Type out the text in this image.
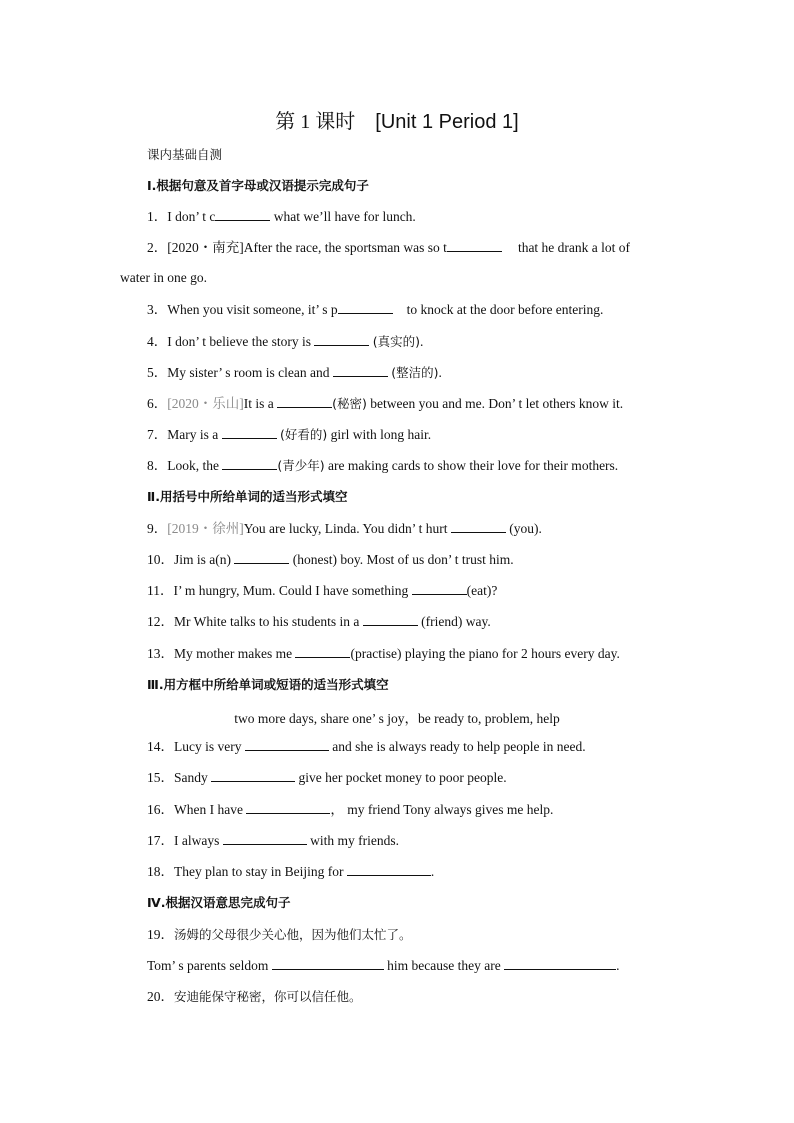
第 1 课时 [Unit 1 Period 1]
课内基础自测
Ⅰ.根据句意及首字母或汉语提示完成句子
1．I don’ t c	what we’ll have for lunch.
2．[2020・南充]After the race, the sportsman was so t	that he drank a lot of
water in one go.
3．When you visit someone, it’ s p	to knock at the door before entering.
4．I don’ t believe the story is	(真实的).
5．My sister’ s room is clean and	(整洁的).
6．[2020・乐山]It is a	(秘密) between you and me. Don’ t let others know it.
7．Mary is a	(好看的) girl with long hair.
8．Look, the	(青少年) are making cards to show their love for their mothers.
Ⅱ.用括号中所给单词的适当形式填空
9．[2019・徐州]You are lucky, Linda. You didn’ t hurt	(you).
10．Jim is a(n)	(honest) boy. Most of us don’ t trust him.
11．I’ m hungry, Mum. Could I have something	(eat)?
12．Mr White talks to his students in a	(friend) way.
13．My mother makes me	(practise) playing the piano for 2 hours every day.
Ⅲ.用方框中所给单词或短语的适当形式填空
two more days, share one’ s joy，be ready to, problem, help
14．Lucy is very	and she is always ready to help people in need.
15．Sandy	give her pocket money to poor people.
16．When I have	， my friend Tony always gives me help.
17．I always	with my friends.
18．They plan to stay in Beijing for	.
Ⅳ.根据汉语意思完成句子
19．汤姆的父母很少关心他，因为他们太忙了。
Tom’ s parents seldom	him because they are	.
20．安迪能保守秘密，你可以信任他。
